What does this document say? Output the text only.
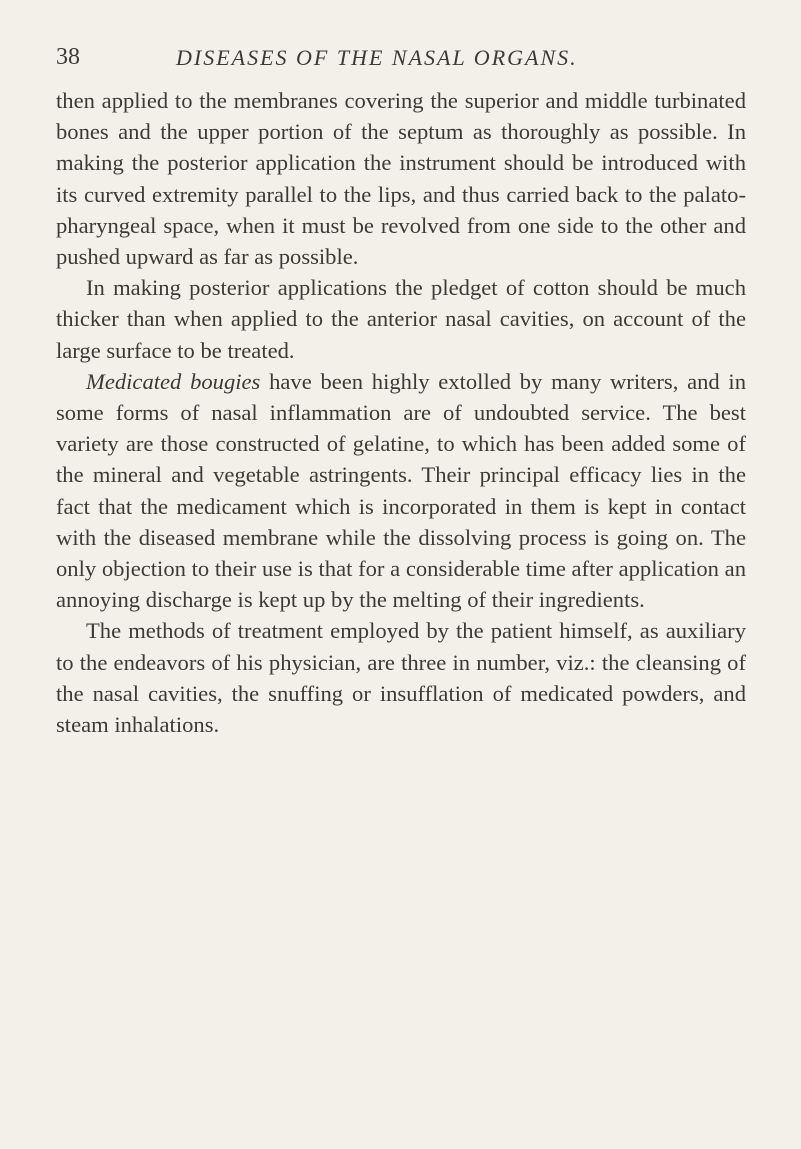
38	DISEASES OF THE NASAL ORGANS.

then applied to the membranes covering the superior and middle turbinated bones and the upper portion of the septum as thoroughly as possible. In making the posterior application the instrument should be introduced with its curved extremity parallel to the lips, and thus carried back to the palato-pharyngeal space, when it must be revolved from one side to the other and pushed upward as far as possible.

In making posterior applications the pledget of cotton should be much thicker than when applied to the anterior nasal cavities, on account of the large surface to be treated.

Medicated bougies have been highly extolled by many writers, and in some forms of nasal inflammation are of undoubted service. The best variety are those constructed of gelatine, to which has been added some of the mineral and vegetable astringents. Their principal efficacy lies in the fact that the medicament which is incorporated in them is kept in contact with the diseased membrane while the dissolving process is going on. The only objection to their use is that for a considerable time after application an annoying discharge is kept up by the melting of their ingredients.

The methods of treatment employed by the patient himself, as auxiliary to the endeavors of his physician, are three in number, viz.: the cleansing of the nasal cavities, the snuffing or insufflation of medicated powders, and steam inhalations.
